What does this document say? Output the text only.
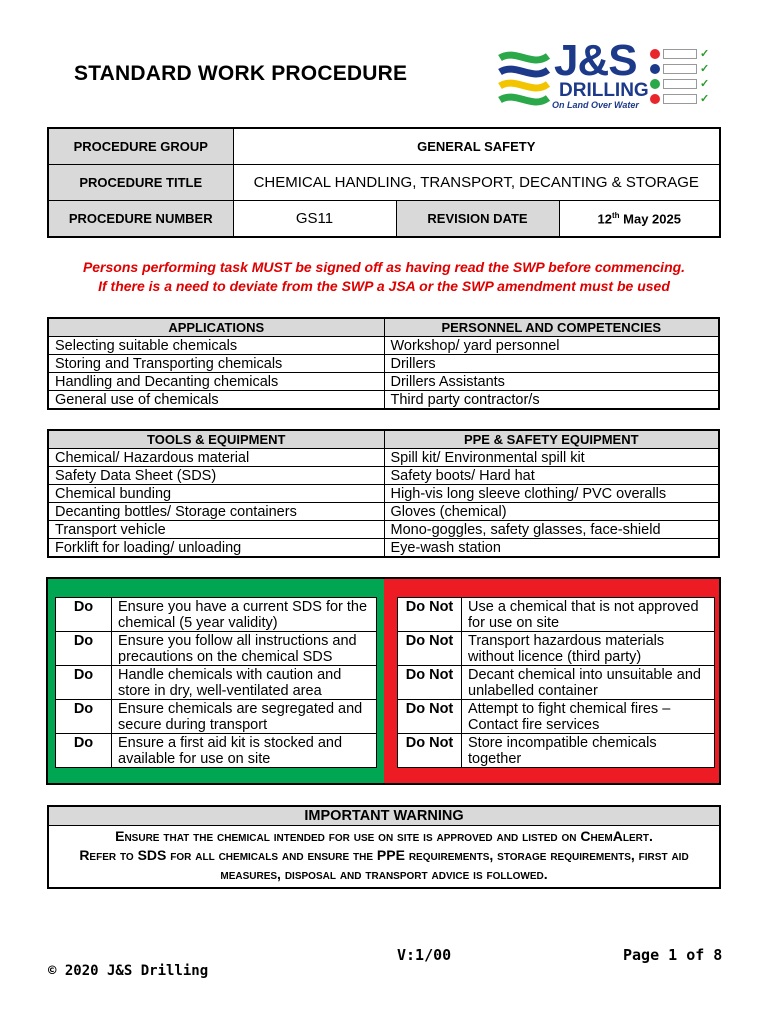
STANDARD WORK PROCEDURE	J&S
DRILLING
On Land Over Water
✓
✓
✓
✓
PROCEDURE GROUP	GENERAL SAFETY		
PROCEDURE TITLE	CHEMICAL HANDLING, TRANSPORT, DECANTING & STORAGE		
PROCEDURE NUMBER	GS11	REVISION DATE	12th May 2025
Persons performing task MUST be signed off as having read the SWP before commencing.
If there is a need to deviate from the SWP a JSA or the SWP amendment must be used
APPLICATIONS	PERSONNEL AND COMPETENCIES
Selecting suitable chemicals	Workshop/ yard personnel
Storing and Transporting chemicals	Drillers
Handling and Decanting chemicals	Drillers Assistants
General use of chemicals	Third party contractor/s
TOOLS & EQUIPMENT	PPE & SAFETY EQUIPMENT
Chemical/ Hazardous material	Spill kit/ Environmental spill kit
Safety Data Sheet (SDS)	Safety boots/ Hard hat
Chemical bunding	High-vis long sleeve clothing/ PVC overalls
Decanting bottles/ Storage containers	Gloves (chemical)
Transport vehicle	Mono-goggles, safety glasses, face-shield
Forklift for loading/ unloading	Eye-wash station
Do	Ensure you have a current SDS for the chemical (5 year validity)
Do	Ensure you follow all instructions and precautions on the chemical SDS
Do	Handle chemicals with caution and store in dry, well-ventilated area
Do	Ensure chemicals are segregated and secure during transport
Do	Ensure a first aid kit is stocked and available for use on site
Do Not	Use a chemical that is not approved for use on site
Do Not	Transport hazardous materials without licence (third party)
Do Not	Decant chemical into unsuitable and unlabelled container
Do Not	Attempt to fight chemical fires – Contact fire services
Do Not	Store incompatible chemicals together
IMPORTANT WARNING
Ensure that the chemical intended for use on site is approved and listed on ChemAlert.
Refer to SDS for all chemicals and ensure the PPE requirements, storage requirements, first aid measures, disposal and transport advice is followed.
V:1/00	Page 1 of 8
© 2020 J&S Drilling
